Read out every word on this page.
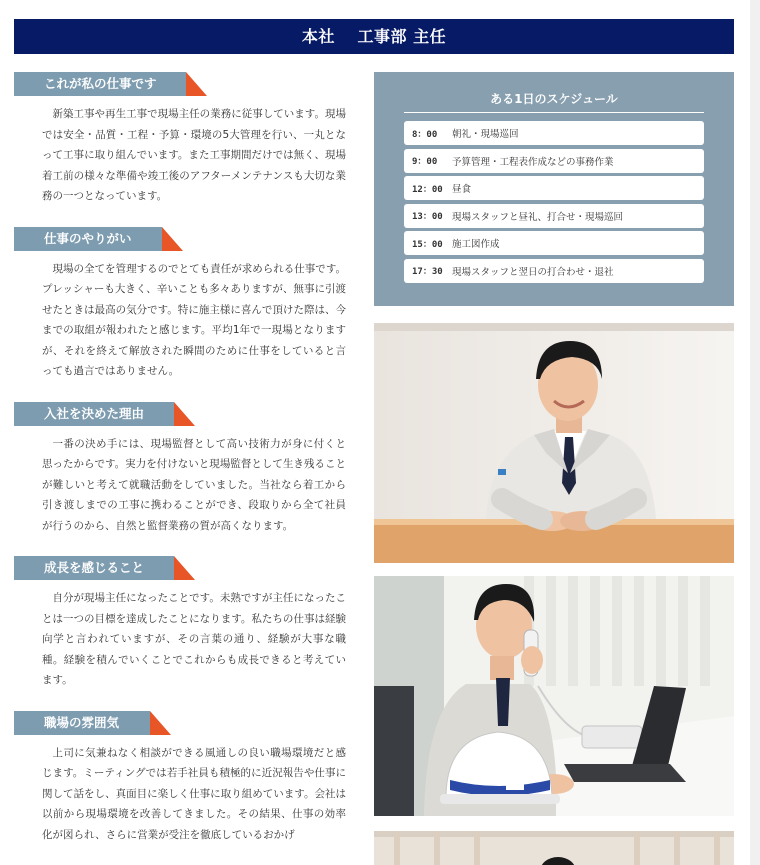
本社　 工事部 主任
これが私の仕事です

新築工事や再生工事で現場主任の業務に従事しています。現場では安全・品質・工程・予算・環境の5大管理を行い、一丸となって工事に取り組んでいます。また工事期間だけでは無く、現場着工前の様々な準備や竣工後のアフターメンテナンスも大切な業務の一つとなっています。

仕事のやりがい

現場の全てを管理するのでとても責任が求められる仕事です。プレッシャーも大きく、辛いことも多々ありますが、無事に引渡せたときは最高の気分です。特に施主様に喜んで頂けた際は、今までの取組が報われたと感じます。平均1年で一現場となりますが、それを終えて解放された瞬間のために仕事をしていると言っても過言ではありません。

入社を決めた理由

一番の決め手には、現場監督として高い技術力が身に付くと思ったからです。実力を付けないと現場監督として生き残ることが難しいと考えて就職活動をしていました。当社なら着工から引き渡しまでの工事に携わることができ、段取りから全て社員が行うのから、自然と監督業務の質が高くなります。

成長を感じること

自分が現場主任になったことです。未熟ですが主任になったことは一つの目標を達成したことになります。私たちの仕事は経験向学と言われていますが、その言葉の通り、経験が大事な職種。経験を積んでいくことでこれからも成長できると考えています。

職場の雰囲気

上司に気兼ねなく相談ができる風通しの良い職場環境だと感じます。ミーティングでは若手社員も積極的に近況報告や仕事に関して話をし、真面目に楽しく仕事に取り組めています。会社は以前から現場環境を改善してきました。その結果、仕事の効率化が図られ、さらに営業が受注を徹底しているおかげ

ある1日のスケジュール
8：00	朝礼・現場巡回
9：00	予算管理・工程表作成などの事務作業
12：00 昼食
13：00 現場スタッフと昼礼、打合せ・現場巡回
15：00 施工図作成
17：30 現場スタッフと翌日の打合わせ・退社
